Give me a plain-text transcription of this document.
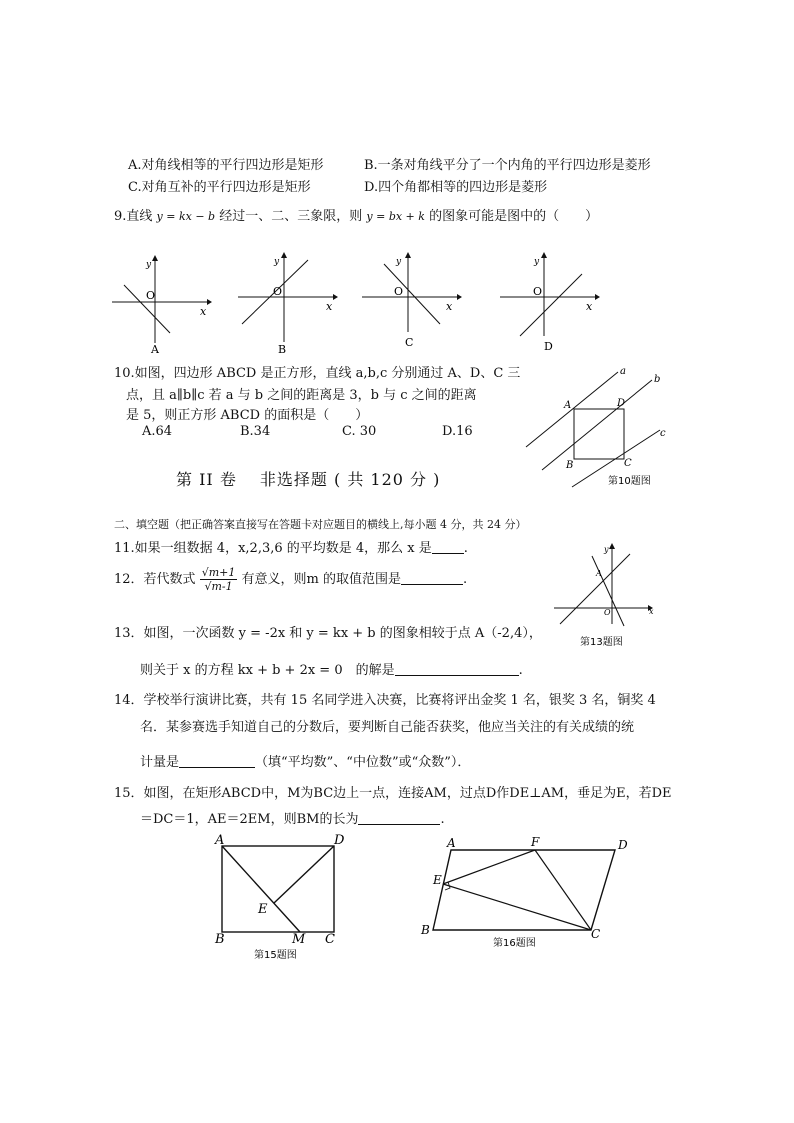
A.对角线相等的平行四边形是矩形	B.一条对角线平分了一个内角的平行四边形是菱形
C.对角互补的平行四边形是矩形	D.四个角都相等的四边形是菱形
9.直线 y = kx − b 经过一、二、三象限，则 y = bx + k 的图象可能是图中的（　　）
y
O
x
A
y
O
x
B
y
O
x
C
y
O
x
D
10.如图，四边形 ABCD 是正方形，直线 a,b,c 分别通过 A、D、C 三
点，且 a∥b∥c 若 a 与 b 之间的距离是 3，b 与 c 之间的距离
是 5，则正方形 ABCD 的面积是（　　）
A.64	B.34	C. 30	D.16
a
b
c
A	D
B	C
第10题图
第 II 卷　 非选择题 ( 共 120 分 )
二、填空题（把正确答案直接写在答题卡对应题目的横线上,每小题 4 分，共 24 分）
11.如果一组数据 4，x,2,3,6 的平均数是 4，那么 x 是 .
12．若代数式 $\frac{√m+1}{√m-1}$ 有意义，则m 的取值范围是	.
y
x
A
O
第13题图
13．如图，一次函数 y = -2x 和 y = kx + b 的图象相较于点 A（-2,4），
则关于 x 的方程 kx + b + 2x = 0　的解是	.
14．学校举行演讲比赛，共有 15 名同学进入决赛，比赛将评出金奖 1 名，银奖 3 名，铜奖 4
名．某参赛选手知道自己的分数后，要判断自己能否获奖，他应当关注的有关成绩的统
计量是	（填“平均数”、“中位数”或“众数”）．
15．如图，在矩形ABCD中，M为BC边上一点，连接AM，过点D作DE⊥AM，垂足为E，若DE
＝DC＝1，AE＝2EM，则BM的长为	.
A	D
B	M C
E
第15题图
A	F	D
E
B	C
第16题图
